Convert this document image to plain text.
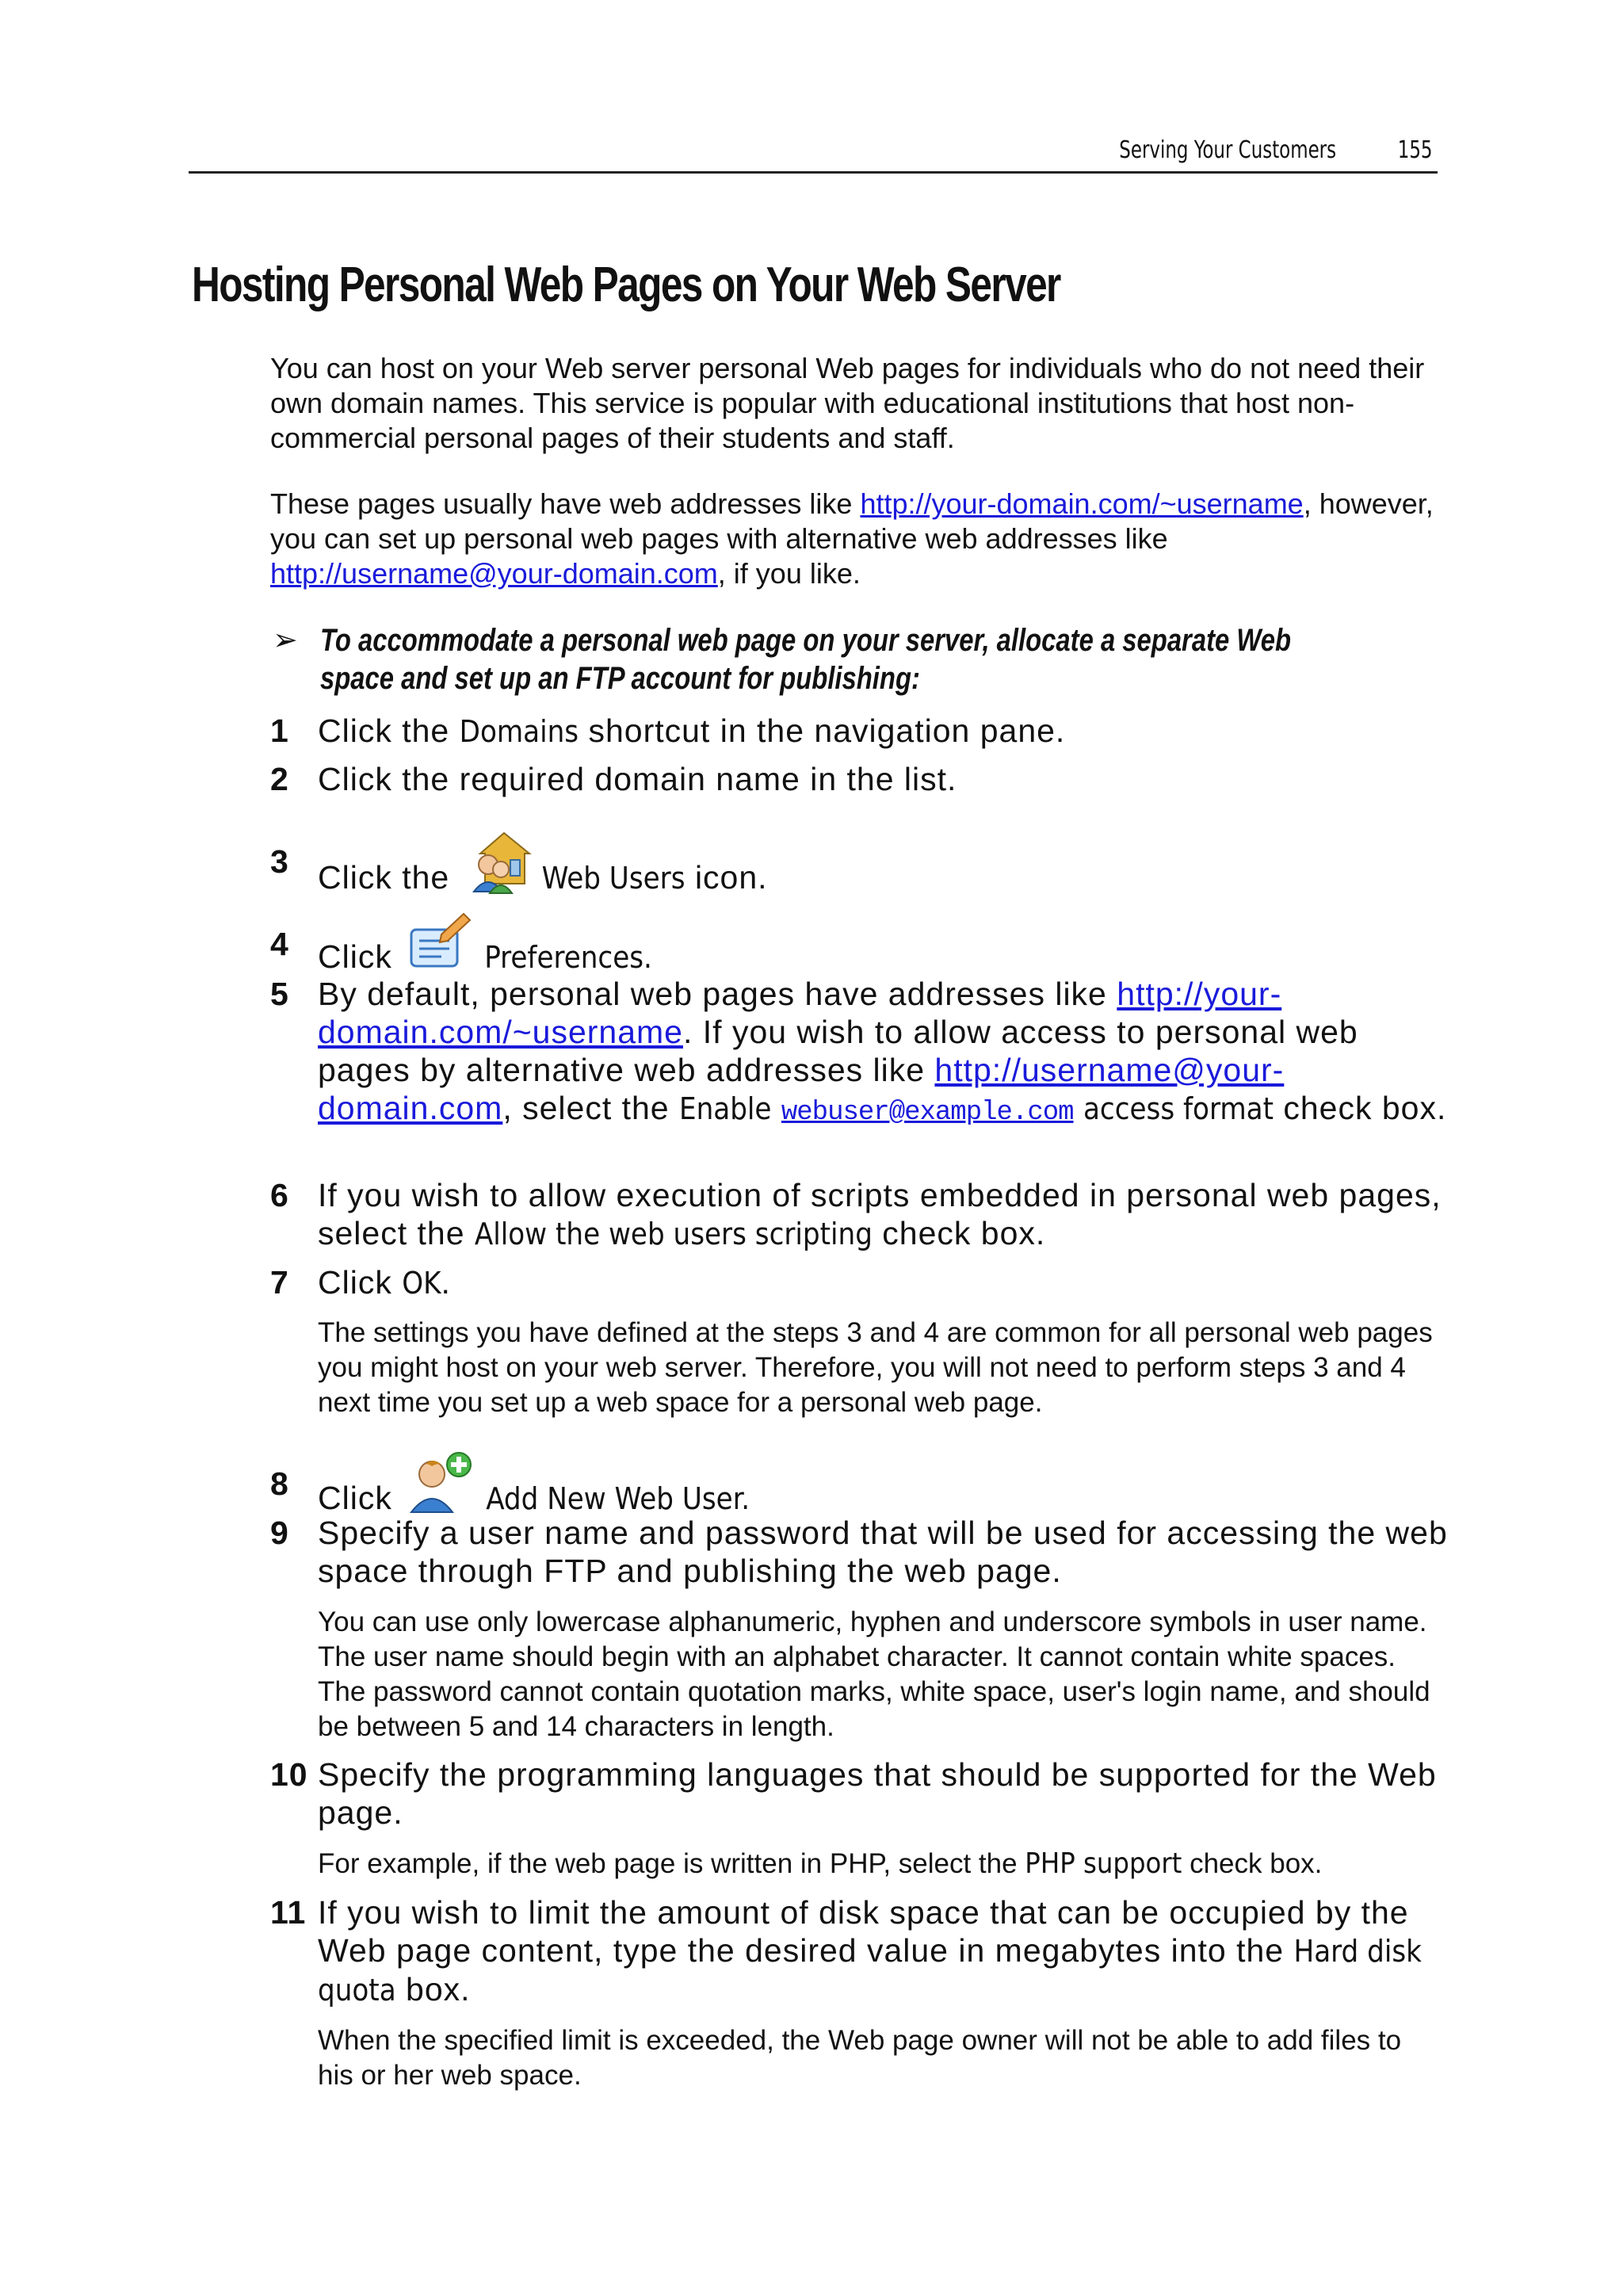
Serving Your Customers	155
Hosting Personal Web Pages on Your Web Server

You can host on your Web server personal Web pages for individuals who do not need their own domain names. This service is popular with educational institutions that host non-commercial personal pages of their students and staff.

These pages usually have web addresses like http://your-domain.com/~username, however, you can set up personal web pages with alternative web addresses like http://username@your-domain.com, if you like.

➢ To accommodate a personal web page on your server, allocate a separate Web space and set up an FTP account for publishing:
1 Click the Domains shortcut in the navigation pane.
2 Click the required domain name in the list.
3 Click the	Web Users icon.
4 Click	Preferences.
5 By default, personal web pages have addresses like http://your-domain.com/~username. If you wish to allow access to personal web pages by alternative web addresses like http://username@your-domain.com, select the Enable webuser@example.com access format check box.
6 If you wish to allow execution of scripts embedded in personal web pages, select the Allow the web users scripting check box.
7 Click OK.

The settings you have defined at the steps 3 and 4 are common for all personal web pages you might host on your web server. Therefore, you will not need to perform steps 3 and 4 next time you set up a web space for a personal web page.

8 Click	Add New Web User.
9 Specify a user name and password that will be used for accessing the web space through FTP and publishing the web page.

You can use only lowercase alphanumeric, hyphen and underscore symbols in user name. The user name should begin with an alphabet character. It cannot contain white spaces. The password cannot contain quotation marks, white space, user's login name, and should be between 5 and 14 characters in length.

10 Specify the programming languages that should be supported for the Web page.

For example, if the web page is written in PHP, select the PHP support check box.

11 If you wish to limit the amount of disk space that can be occupied by the Web page content, type the desired value in megabytes into the Hard disk quota box.

When the specified limit is exceeded, the Web page owner will not be able to add files to his or her web space.
